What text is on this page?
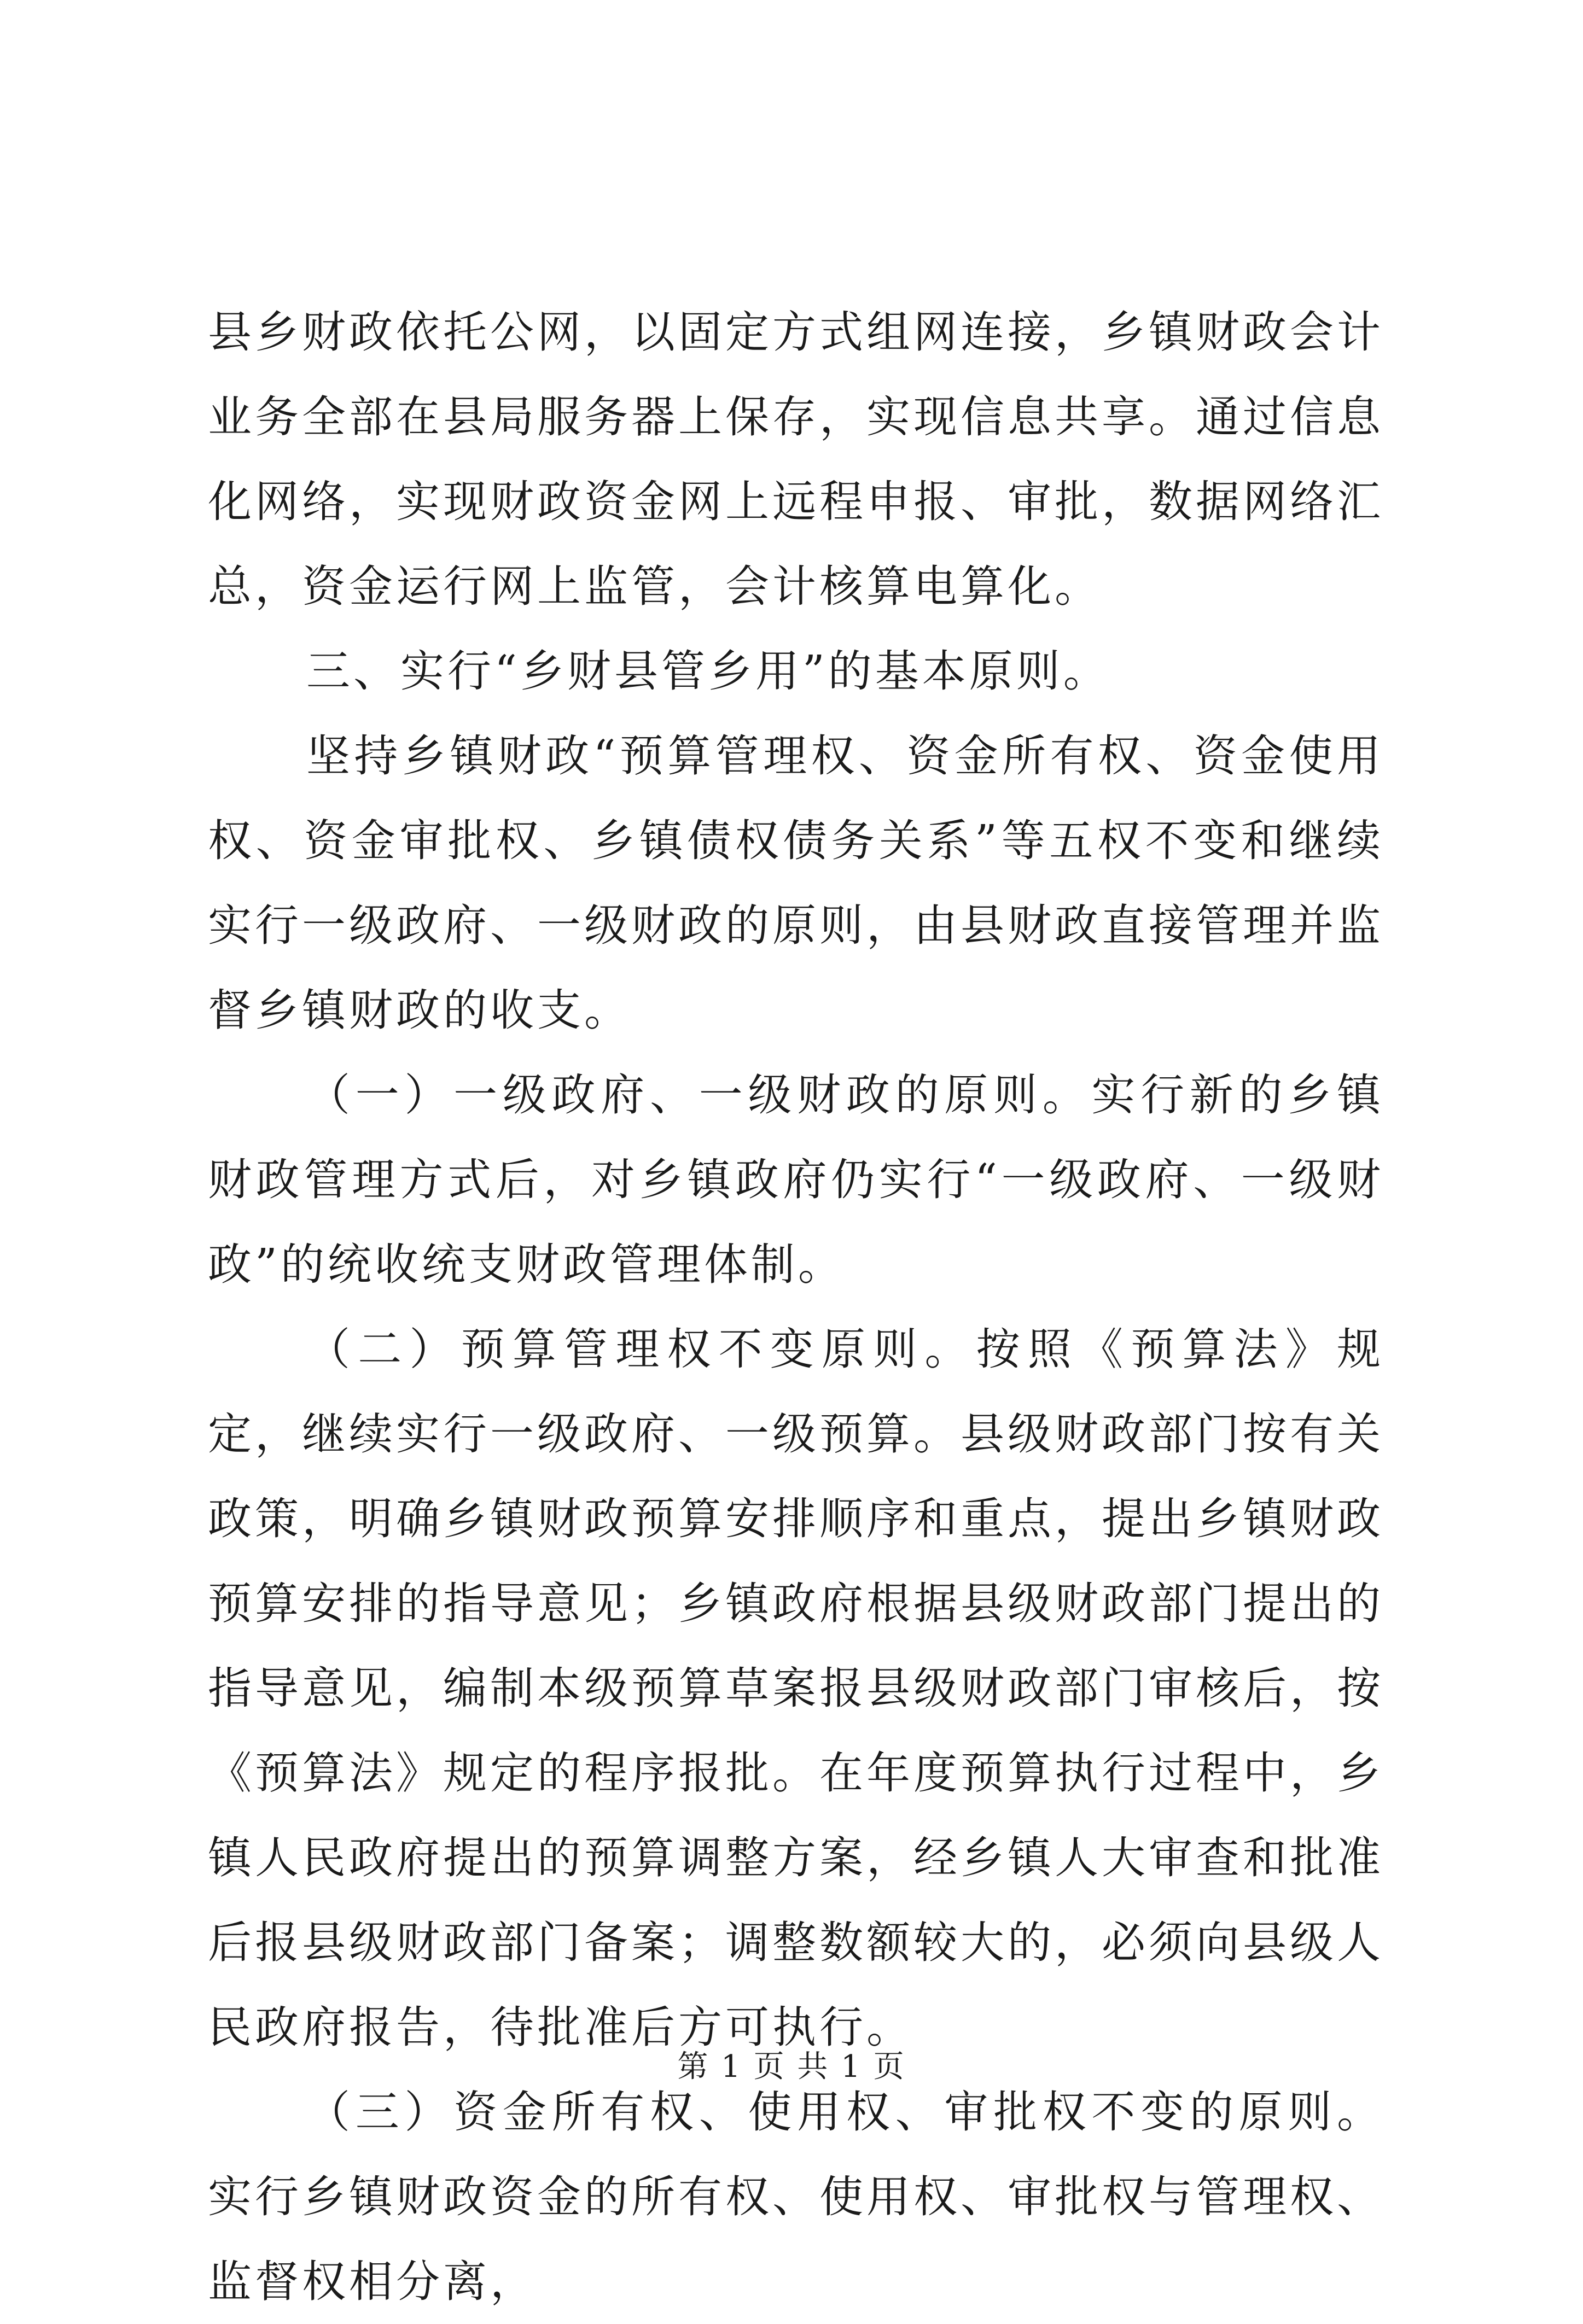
县乡财政依托公网，以固定方式组网连接，乡镇财政会计业务全部在县局服务器上保存，实现信息共享。通过信息化网络，实现财政资金网上远程申报、审批，数据网络汇总，资金运行网上监管，会计核算电算化。

三、实行“乡财县管乡用”的基本原则。

坚持乡镇财政“预算管理权、资金所有权、资金使用权、资金审批权、乡镇债权债务关系”等五权不变和继续实行一级政府、一级财政的原则，由县财政直接管理并监督乡镇财政的收支。

（一）一级政府、一级财政的原则。实行新的乡镇财政管理方式后，对乡镇政府仍实行“一级政府、一级财政”的统收统支财政管理体制。

（二）预算管理权不变原则。按照《预算法》规定，继续实行一级政府、一级预算。县级财政部门按有关政策，明确乡镇财政预算安排顺序和重点，提出乡镇财政预算安排的指导意见；乡镇政府根据县级财政部门提出的指导意见，编制本级预算草案报县级财政部门审核后，按《预算法》规定的程序报批。在年度预算执行过程中，乡镇人民政府提出的预算调整方案，经乡镇人大审查和批准后报县级财政部门备案；调整数额较大的，必须向县级人民政府报告，待批准后方可执行。

（三）资金所有权、使用权、审批权不变的原则。实行乡镇财政资金的所有权、使用权、审批权与管理权、监督权相分离，

第 1 页 共 1 页
